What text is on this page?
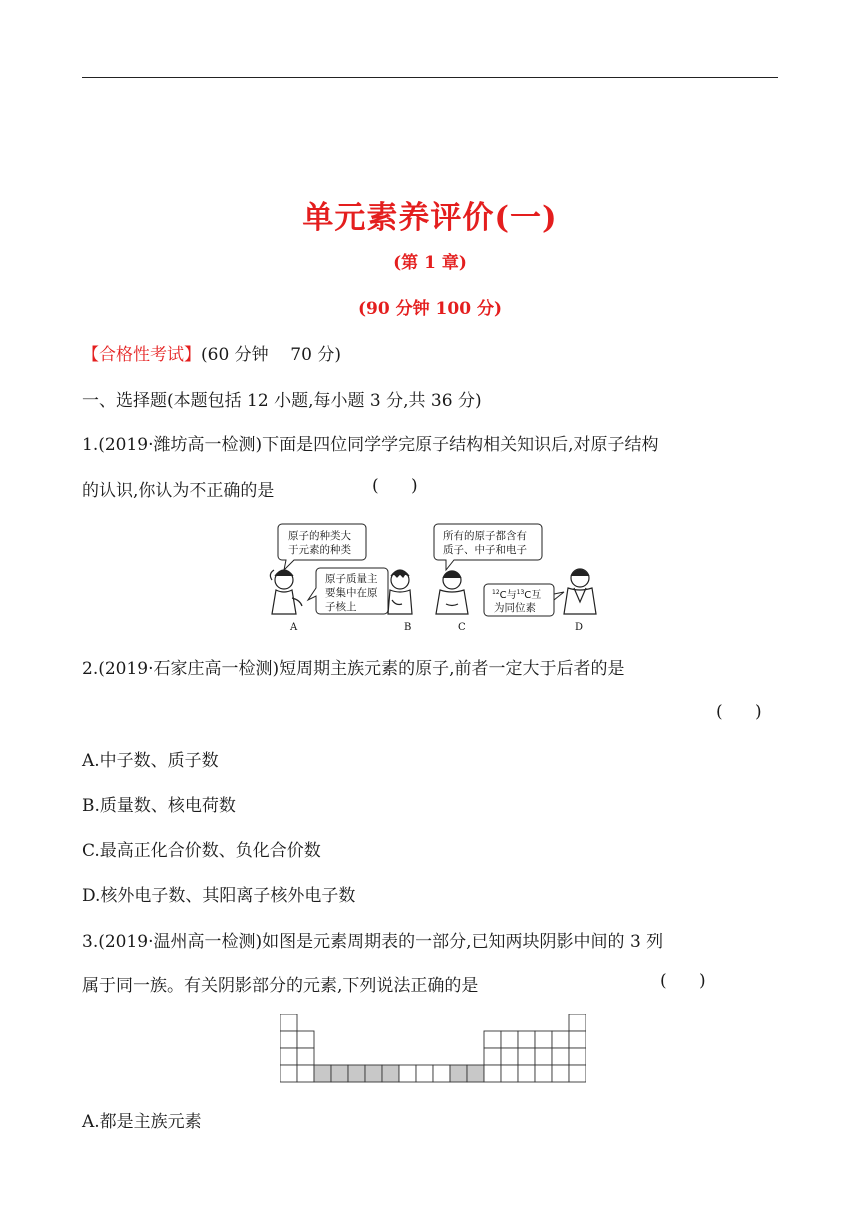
单元素养评价(一)
(第 1 章)
(90 分钟 100 分)
【合格性考试】(60 分钟    70 分)
一、选择题(本题包括 12 小题,每小题 3 分,共 36 分)
1.(2019·潍坊高一检测)下面是四位同学学完原子结构相关知识后,对原子结构
的认识,你认为不正确的是	(      )
原子的种类大
于元素的种类
原子质量主
要集中在原
子核上
所有的原子都含有
质子、中子和电子
$^{12}$C与$^{13}$C互
为同位素
A	B	C	D
2.(2019·石家庄高一检测)短周期主族元素的原子,前者一定大于后者的是
(      )
A.中子数、质子数
B.质量数、核电荷数
C.最高正化合价数、负化合价数
D.核外电子数、其阳离子核外电子数
3.(2019·温州高一检测)如图是元素周期表的一部分,已知两块阴影中间的 3 列
属于同一族。有关阴影部分的元素,下列说法正确的是	(      )
A.都是主族元素
